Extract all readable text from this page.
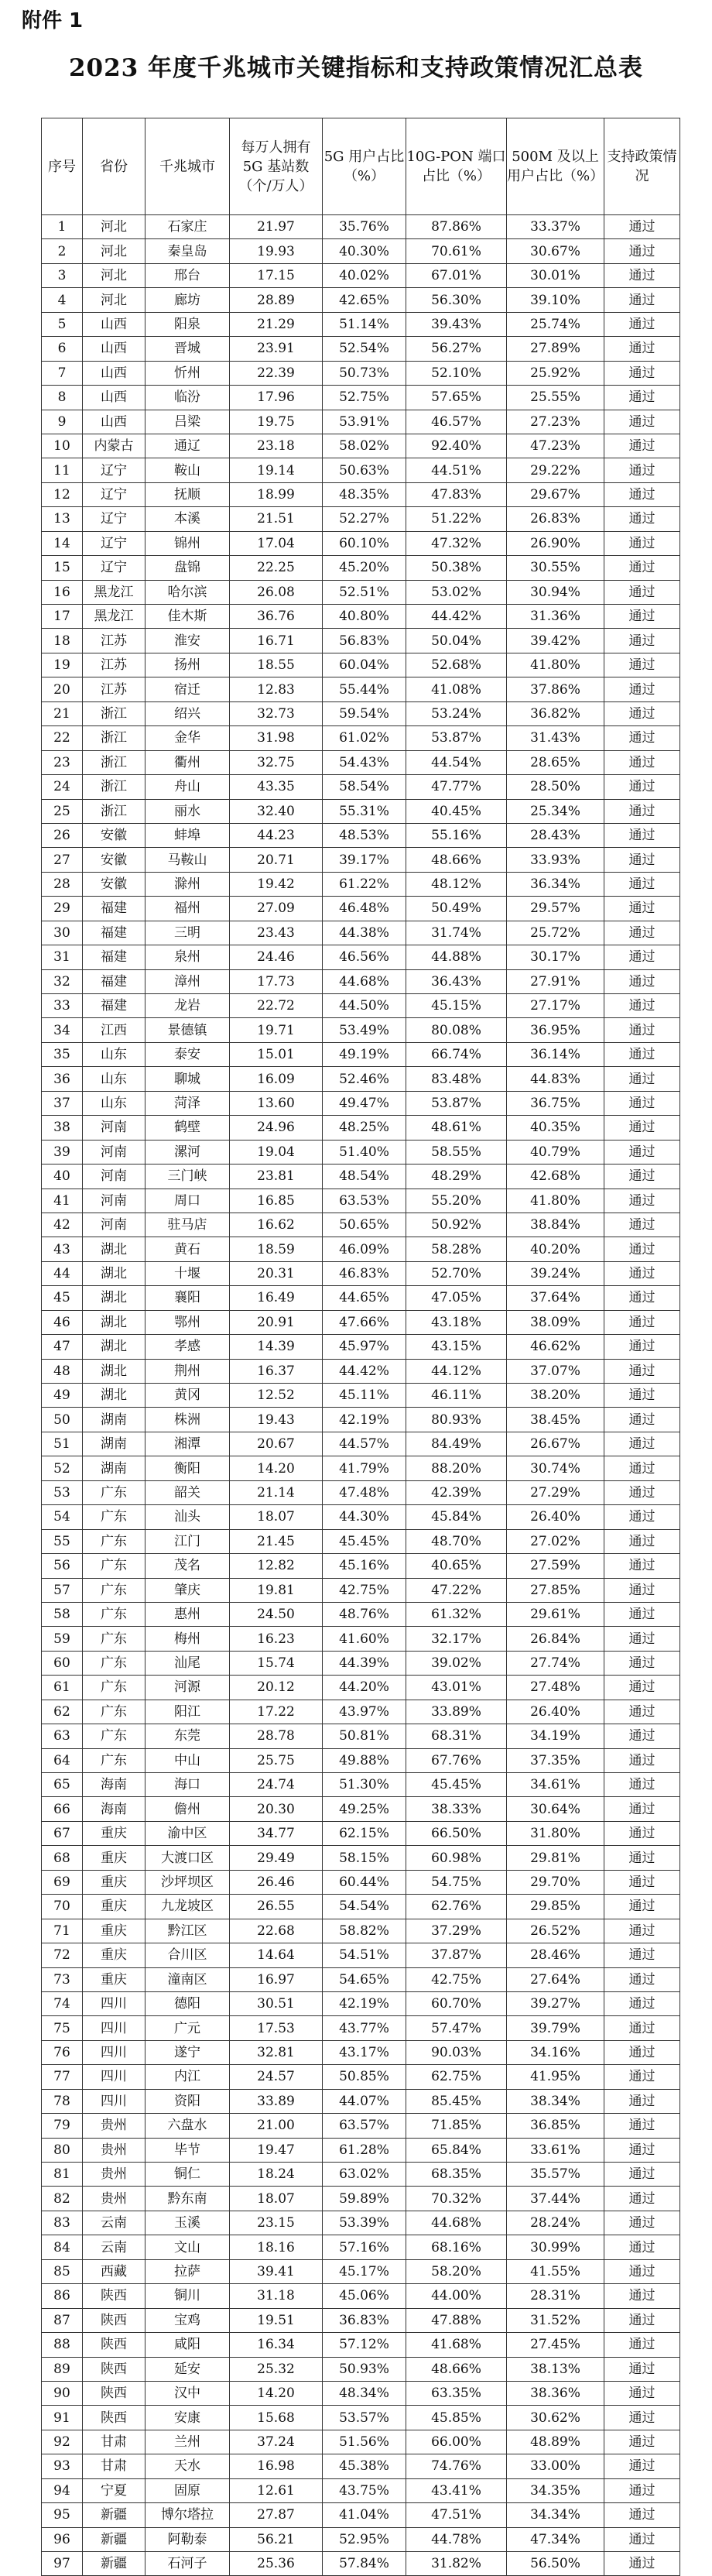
附件 1
2023 年度千兆城市关键指标和支持政策情况汇总表
序号	省份	千兆城市	每万人拥有 5G 基站数（个/万人）	5G 用户占比（%）	10G-PON 端口占比（%）	500M 及以上用户占比（%）	支持政策情况
1	河北	石家庄	21.97	35.76%	87.86%	33.37%	通过
2	河北	秦皇岛	19.93	40.30%	70.61%	30.67%	通过
3	河北	邢台	17.15	40.02%	67.01%	30.01%	通过
4	河北	廊坊	28.89	42.65%	56.30%	39.10%	通过
5	山西	阳泉	21.29	51.14%	39.43%	25.74%	通过
6	山西	晋城	23.91	52.54%	56.27%	27.89%	通过
7	山西	忻州	22.39	50.73%	52.10%	25.92%	通过
8	山西	临汾	17.96	52.75%	57.65%	25.55%	通过
9	山西	吕梁	19.75	53.91%	46.57%	27.23%	通过
10	内蒙古	通辽	23.18	58.02%	92.40%	47.23%	通过
11	辽宁	鞍山	19.14	50.63%	44.51%	29.22%	通过
12	辽宁	抚顺	18.99	48.35%	47.83%	29.67%	通过
13	辽宁	本溪	21.51	52.27%	51.22%	26.83%	通过
14	辽宁	锦州	17.04	60.10%	47.32%	26.90%	通过
15	辽宁	盘锦	22.25	45.20%	50.38%	30.55%	通过
16	黑龙江	哈尔滨	26.08	52.51%	53.02%	30.94%	通过
17	黑龙江	佳木斯	36.76	40.80%	44.42%	31.36%	通过
18	江苏	淮安	16.71	56.83%	50.04%	39.42%	通过
19	江苏	扬州	18.55	60.04%	52.68%	41.80%	通过
20	江苏	宿迁	12.83	55.44%	41.08%	37.86%	通过
21	浙江	绍兴	32.73	59.54%	53.24%	36.82%	通过
22	浙江	金华	31.98	61.02%	53.87%	31.43%	通过
23	浙江	衢州	32.75	54.43%	44.54%	28.65%	通过
24	浙江	舟山	43.35	58.54%	47.77%	28.50%	通过
25	浙江	丽水	32.40	55.31%	40.45%	25.34%	通过
26	安徽	蚌埠	44.23	48.53%	55.16%	28.43%	通过
27	安徽	马鞍山	20.71	39.17%	48.66%	33.93%	通过
28	安徽	滁州	19.42	61.22%	48.12%	36.34%	通过
29	福建	福州	27.09	46.48%	50.49%	29.57%	通过
30	福建	三明	23.43	44.38%	31.74%	25.72%	通过
31	福建	泉州	24.46	46.56%	44.88%	30.17%	通过
32	福建	漳州	17.73	44.68%	36.43%	27.91%	通过
33	福建	龙岩	22.72	44.50%	45.15%	27.17%	通过
34	江西	景德镇	19.71	53.49%	80.08%	36.95%	通过
35	山东	泰安	15.01	49.19%	66.74%	36.14%	通过
36	山东	聊城	16.09	52.46%	83.48%	44.83%	通过
37	山东	菏泽	13.60	49.47%	53.87%	36.75%	通过
38	河南	鹤壁	24.96	48.25%	48.61%	40.35%	通过
39	河南	漯河	19.04	51.40%	58.55%	40.79%	通过
40	河南	三门峡	23.81	48.54%	48.29%	42.68%	通过
41	河南	周口	16.85	63.53%	55.20%	41.80%	通过
42	河南	驻马店	16.62	50.65%	50.92%	38.84%	通过
43	湖北	黄石	18.59	46.09%	58.28%	40.20%	通过
44	湖北	十堰	20.31	46.83%	52.70%	39.24%	通过
45	湖北	襄阳	16.49	44.65%	47.05%	37.64%	通过
46	湖北	鄂州	20.91	47.66%	43.18%	38.09%	通过
47	湖北	孝感	14.39	45.97%	43.15%	46.62%	通过
48	湖北	荆州	16.37	44.42%	44.12%	37.07%	通过
49	湖北	黄冈	12.52	45.11%	46.11%	38.20%	通过
50	湖南	株洲	19.43	42.19%	80.93%	38.45%	通过
51	湖南	湘潭	20.67	44.57%	84.49%	26.67%	通过
52	湖南	衡阳	14.20	41.79%	88.20%	30.74%	通过
53	广东	韶关	21.14	47.48%	42.39%	27.29%	通过
54	广东	汕头	18.07	44.30%	45.84%	26.40%	通过
55	广东	江门	21.45	45.45%	48.70%	27.02%	通过
56	广东	茂名	12.82	45.16%	40.65%	27.59%	通过
57	广东	肇庆	19.81	42.75%	47.22%	27.85%	通过
58	广东	惠州	24.50	48.76%	61.32%	29.61%	通过
59	广东	梅州	16.23	41.60%	32.17%	26.84%	通过
60	广东	汕尾	15.74	44.39%	39.02%	27.74%	通过
61	广东	河源	20.12	44.20%	43.01%	27.48%	通过
62	广东	阳江	17.22	43.97%	33.89%	26.40%	通过
63	广东	东莞	28.78	50.81%	68.31%	34.19%	通过
64	广东	中山	25.75	49.88%	67.76%	37.35%	通过
65	海南	海口	24.74	51.30%	45.45%	34.61%	通过
66	海南	儋州	20.30	49.25%	38.33%	30.64%	通过
67	重庆	渝中区	34.77	62.15%	66.50%	31.80%	通过
68	重庆	大渡口区	29.49	58.15%	60.98%	29.81%	通过
69	重庆	沙坪坝区	26.46	60.44%	54.75%	29.70%	通过
70	重庆	九龙坡区	26.55	54.54%	62.76%	29.85%	通过
71	重庆	黔江区	22.68	58.82%	37.29%	26.52%	通过
72	重庆	合川区	14.64	54.51%	37.87%	28.46%	通过
73	重庆	潼南区	16.97	54.65%	42.75%	27.64%	通过
74	四川	德阳	30.51	42.19%	60.70%	39.27%	通过
75	四川	广元	17.53	43.77%	57.47%	39.79%	通过
76	四川	遂宁	32.81	43.17%	90.03%	34.16%	通过
77	四川	内江	24.57	50.85%	62.75%	41.95%	通过
78	四川	资阳	33.89	44.07%	85.45%	38.34%	通过
79	贵州	六盘水	21.00	63.57%	71.85%	36.85%	通过
80	贵州	毕节	19.47	61.28%	65.84%	33.61%	通过
81	贵州	铜仁	18.24	63.02%	68.35%	35.57%	通过
82	贵州	黔东南	18.07	59.89%	70.32%	37.44%	通过
83	云南	玉溪	23.15	53.39%	44.68%	28.24%	通过
84	云南	文山	18.16	57.16%	68.16%	30.99%	通过
85	西藏	拉萨	39.41	45.17%	58.20%	41.55%	通过
86	陕西	铜川	31.18	45.06%	44.00%	28.31%	通过
87	陕西	宝鸡	19.51	36.83%	47.88%	31.52%	通过
88	陕西	咸阳	16.34	57.12%	41.68%	27.45%	通过
89	陕西	延安	25.32	50.93%	48.66%	38.13%	通过
90	陕西	汉中	14.20	48.34%	63.35%	38.36%	通过
91	陕西	安康	15.68	53.57%	45.85%	30.62%	通过
92	甘肃	兰州	37.24	51.56%	66.00%	48.89%	通过
93	甘肃	天水	16.98	45.38%	74.76%	33.00%	通过
94	宁夏	固原	12.61	43.75%	43.41%	34.35%	通过
95	新疆	博尔塔拉	27.87	41.04%	47.51%	34.34%	通过
96	新疆	阿勒泰	56.21	52.95%	44.78%	47.34%	通过
97	新疆	石河子	25.36	57.84%	31.82%	56.50%	通过
